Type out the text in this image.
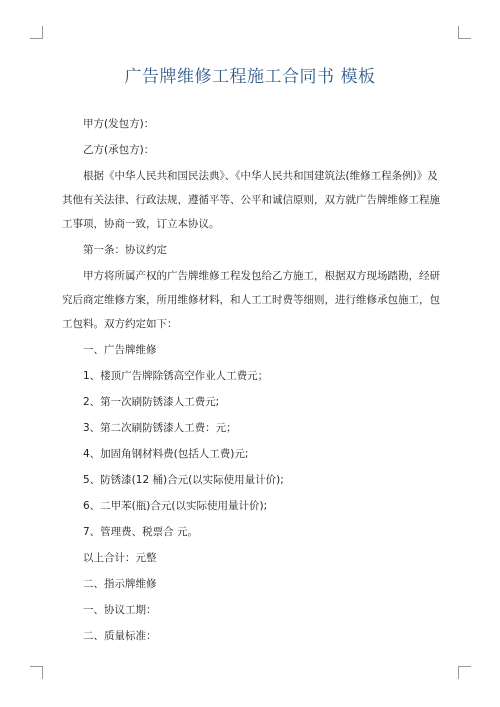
广告牌维修工程施工合同书 模板

甲方(发包方)：

乙方(承包方)：

根据《中华人民共和国民法典》、《中华人民共和国建筑法(维修工程条例)》及其他有关法律、行政法规，遵循平等、公平和诚信原则，双方就广告牌维修工程施工事项，协商一致，订立本协议。

第一条：协议约定

甲方将所属产权的广告牌维修工程发包给乙方施工，根据双方现场踏勘，经研究后商定维修方案，所用维修材料，和人工工时费等细则，进行维修承包施工，包工包料。双方约定如下：

一、广告牌维修

1、楼顶广告牌除锈高空作业人工费元；

2、第一次刷防锈漆人工费元;

3、第二次刷防锈漆人工费：元；

4、加固角钢材料费(包括人工费)元;

5、防锈漆(12 桶)合元(以实际使用量计价);

6、二甲苯(瓶)合元(以实际使用量计价);

7、管理费、税票合 元。

以上合计：元整

二、指示牌维修

一、协议工期：

二、质量标准：
